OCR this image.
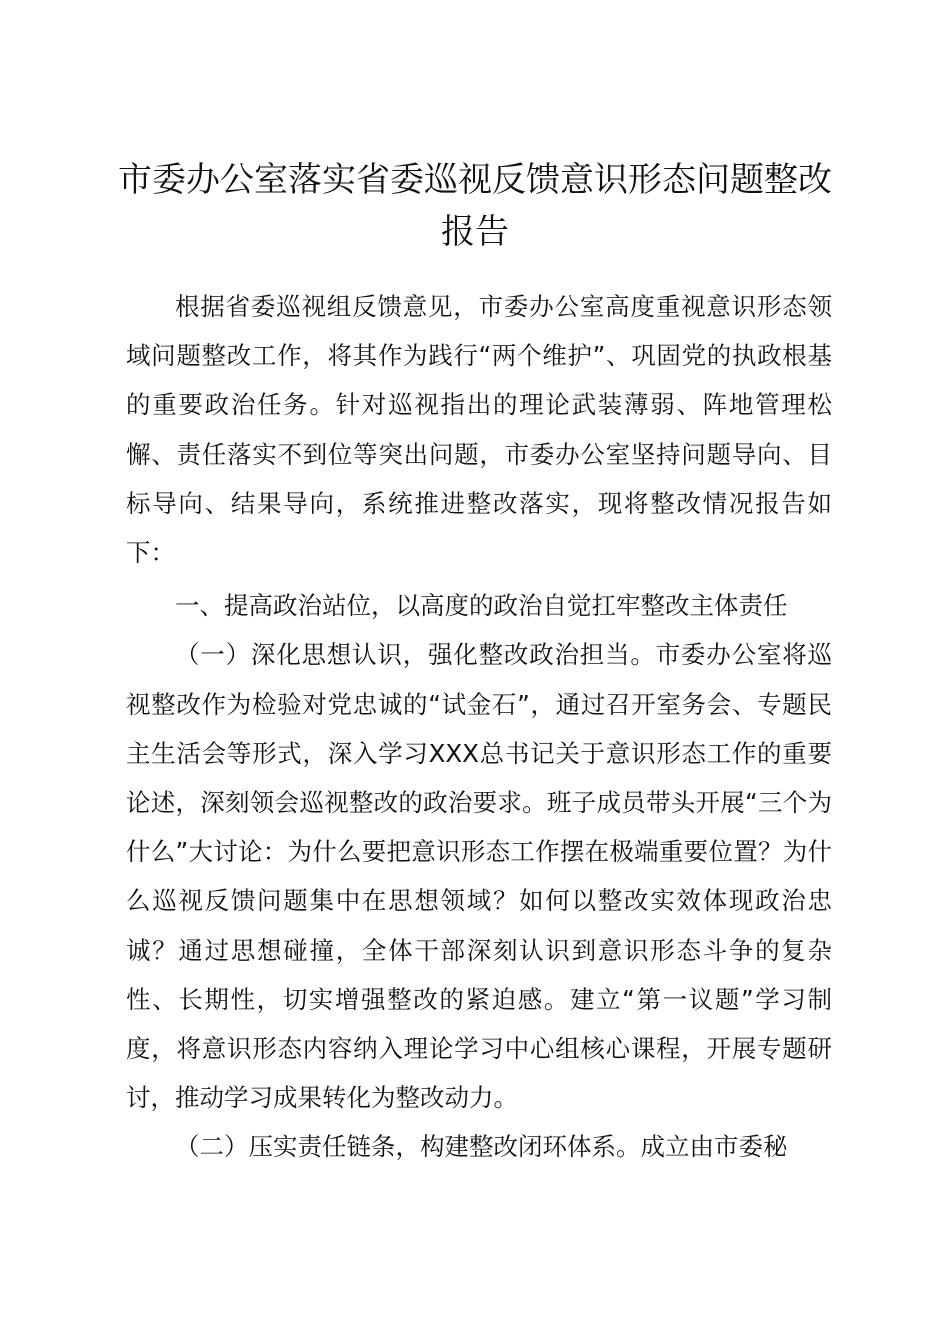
市委办公室落实省委巡视反馈意识形态问题整改报告

根据省委巡视组反馈意见，市委办公室高度重视意识形态领域问题整改工作，将其作为践行“两个维护”、巩固党的执政根基的重要政治任务。针对巡视指出的理论武装薄弱、阵地管理松懈、责任落实不到位等突出问题，市委办公室坚持问题导向、目标导向、结果导向，系统推进整改落实，现将整改情况报告如下：

一、提高政治站位，以高度的政治自觉扛牢整改主体责任

（一）深化思想认识，强化整改政治担当。市委办公室将巡视整改作为检验对党忠诚的“试金石”，通过召开室务会、专题民主生活会等形式，深入学习XXX总书记关于意识形态工作的重要论述，深刻领会巡视整改的政治要求。班子成员带头开展“三个为什么”大讨论：为什么要把意识形态工作摆在极端重要位置？为什么巡视反馈问题集中在思想领域？如何以整改实效体现政治忠诚？通过思想碰撞，全体干部深刻认识到意识形态斗争的复杂性、长期性，切实增强整改的紧迫感。建立“第一议题”学习制度，将意识形态内容纳入理论学习中心组核心课程，开展专题研讨，推动学习成果转化为整改动力。

（二）压实责任链条，构建整改闭环体系。成立由市委秘
